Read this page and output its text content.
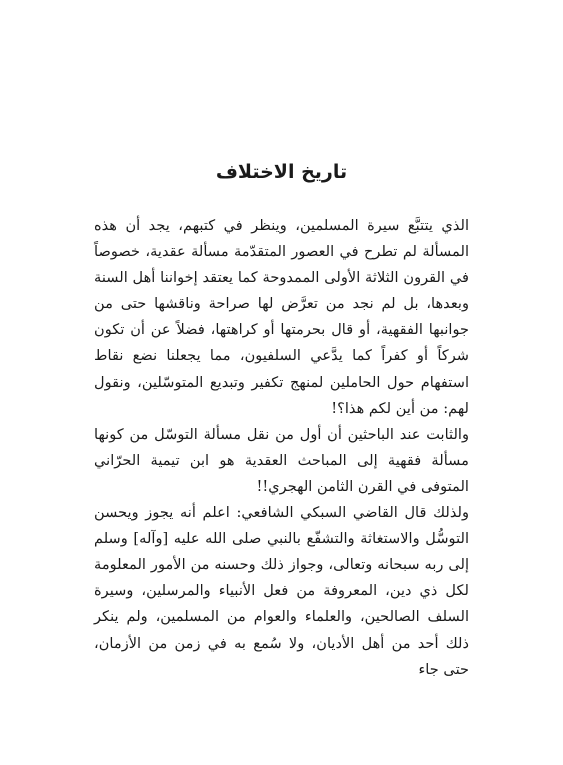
تاريخ الاختلاف

الذي يتتبَّع سيرة المسلمين، وينظر في كتبهم، يجد أن هذه المسألة لم تطرح في العصور المتقدّمة مسألة عقدية، خصوصاً في القرون الثلاثة الأولى الممدوحة كما يعتقد إخواننا أهل السنة وبعدها، بل لم نجد من تعرَّض لها صراحة وناقشها حتى من جوانبها الفقهية، أو قال بحرمتها أو كراهتها، فضلاً عن أن تكون شركاً أو كفراً كما يدَّعي السلفيون، مما يجعلنا نضع نقاط استفهام حول الحاملين لمنهج تكفير وتبديع المتوسّلين، ونقول لهم: من أين لكم هذا؟!

والثابت عند الباحثين أن أول من نقل مسألة التوسّل من كونها مسألة فقهية إلى المباحث العقدية هو ابن تيمية الحرّاني المتوفى في القرن الثامن الهجري!!

ولذلك قال القاضي السبكي الشافعي: اعلم أنه يجوز ويحسن التوسُّل والاستغاثة والتشفّع بالنبي صلى الله عليه [وآله] وسلم إلى ربه سبحانه وتعالى، وجواز ذلك وحسنه من الأمور المعلومة لكل ذي دين، المعروفة من فعل الأنبياء والمرسلين، وسيرة السلف الصالحين، والعلماء والعوام من المسلمين، ولم ينكر ذلك أحد من أهل الأديان، ولا سُمع به في زمن من الأزمان، حتى جاء
